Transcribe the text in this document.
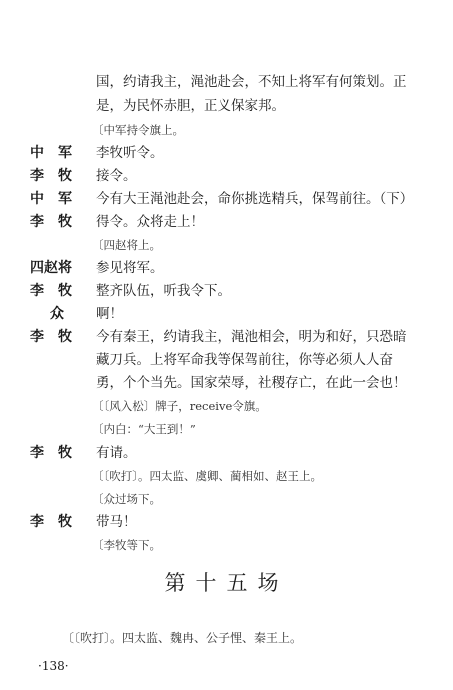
国，约请我主，渑池赴会，不知上将军有何策划。正
是，为民怀赤胆，正义保家邦。
〔中军持令旗上。
中　军	李牧听令。
李　牧	接令。
中　军	今有大王渑池赴会，命你挑选精兵，保驾前往。（下）
李　牧	得令。众将走上！
〔四赵将上。
四赵将	参见将军。
李　牧	整齐队伍，听我令下。
众	啊！
李　牧	今有秦王，约请我主，渑池相会，明为和好，只恐暗
藏刀兵。上将军命我等保驾前往，你等必须人人奋
勇，个个当先。国家荣辱，社稷存亡，在此一会也！
〔〔风入松〕牌子，receive令旗。
〔内白：“大王到！”
李　牧	有请。
〔〔吹打〕。四太监、虞卿、蔺相如、赵王上。
〔众过场下。
李　牧	带马！
〔李牧等下。
第十五场
〔〔吹打〕。四太监、魏冉、公子悝、秦王上。
·138·
